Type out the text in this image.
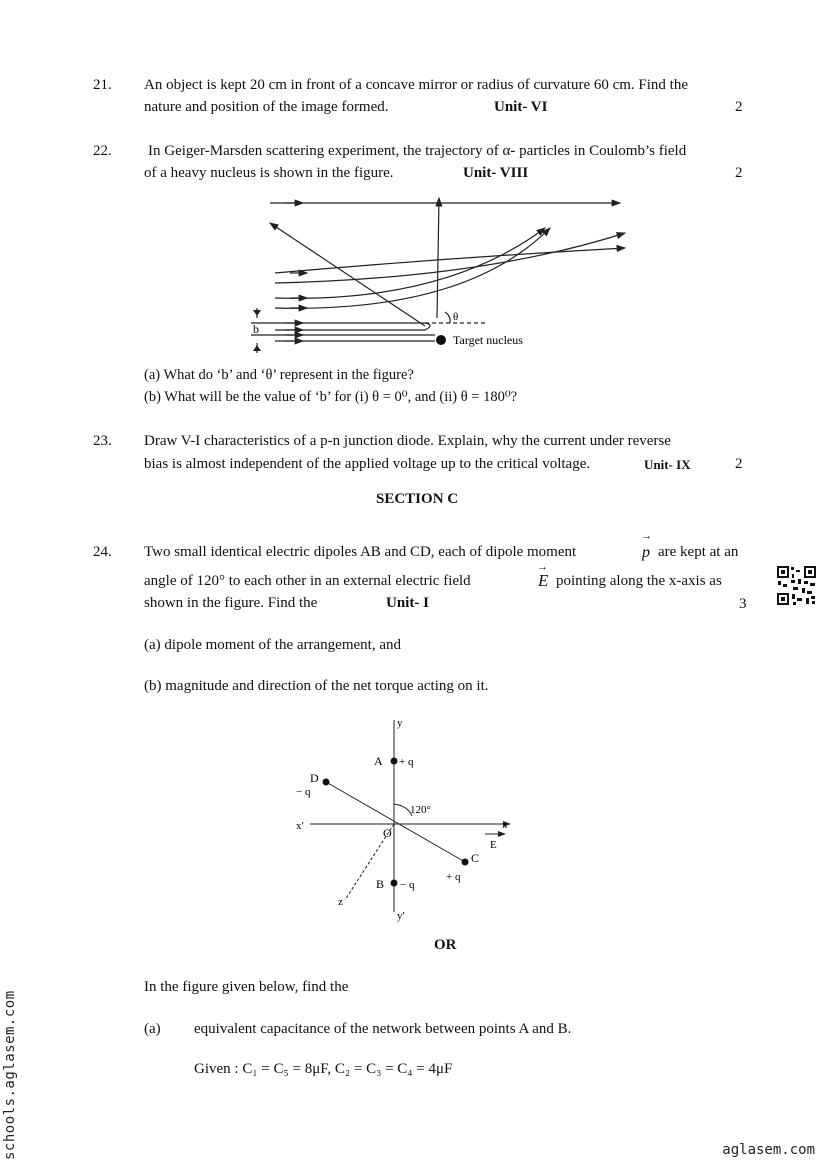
21. An object is kept 20 cm in front of a concave mirror or radius of curvature 60 cm. Find the
nature and position of the image formed.	Unit- VI	2
22. In Geiger-Marsden scattering experiment, the trajectory of α- particles in Coulomb’s field
of a heavy nucleus is shown in the figure.	Unit- VIII	2
b
θ
Target nucleus
(a) What do ‘b’ and ‘θ’ represent in the figure?
(b) What will be the value of ‘b’ for (i) θ = 0⁰, and (ii) θ = 180⁰?
23. Draw V-I characteristics of a p-n junction diode. Explain, why the current under reverse
bias is almost independent of the applied voltage up to the critical voltage.	Unit- IX	2
SECTION C
24. Two small identical electric dipoles AB and CD, each of dipole moment
→
p are kept at an
angle of 120° to each other in an external electric field
→
E pointing along the x-axis as
shown in the figure. Find the	Unit- I	3
(a) dipole moment of the arrangement, and
(b) magnitude and direction of the net torque acting on it.
y
y′
x
x′
z
O
A + q
B − q
C
+ q
D
− q
120°
E
OR
In the figure given below, find the
(a) equivalent capacitance of the network between points A and B.
Given : C₁ = C₅ = 8μF, C₂ = C₃ = C₄ = 4μF
schools.aglasem.com	aglasem.com
